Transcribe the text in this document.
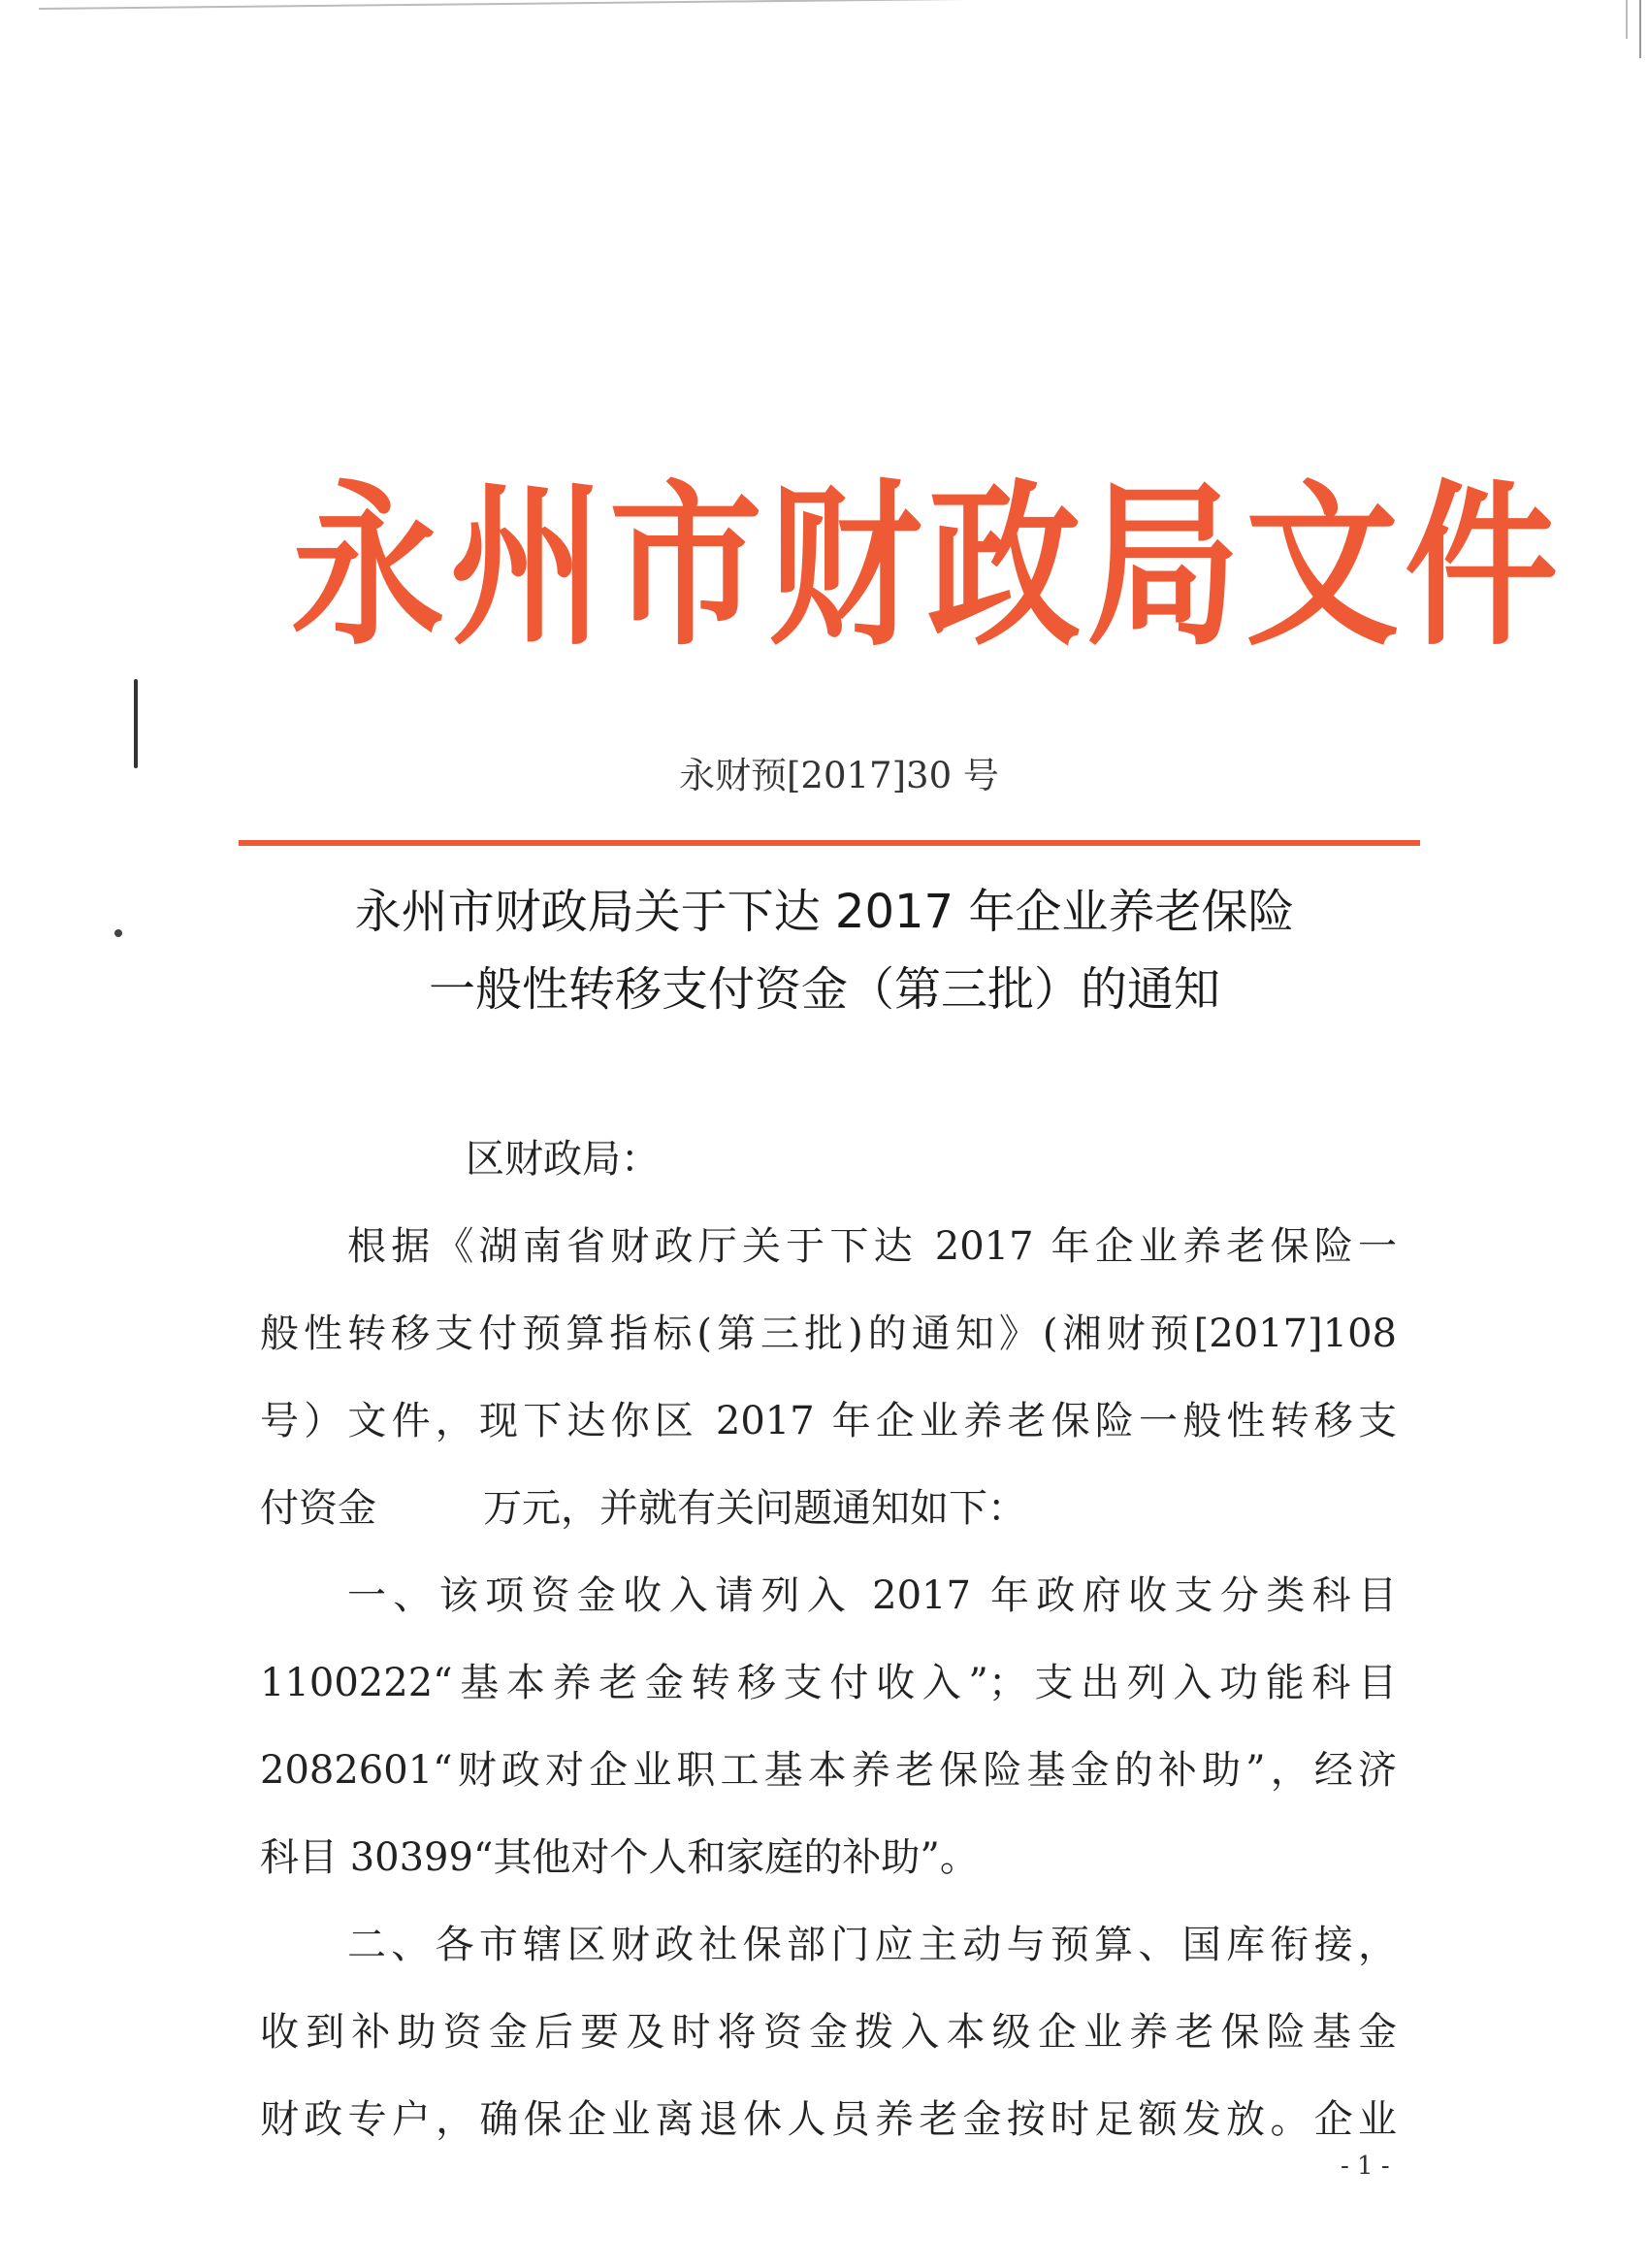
永州市财政局文件
永财预[2017]30 号
永州市财政局关于下达 2017 年企业养老保险
一般性转移支付资金（第三批）的通知
区财政局：
根据《湖南省财政厅关于下达 2017 年企业养老保险一
般性转移支付预算指标(第三批)的通知》(湘财预[2017]108
号）文件，现下达你区 2017 年企业养老保险一般性转移支
付资金	万元，并就有关问题通知如下：
一、该项资金收入请列入 2017 年政府收支分类科目
1100222“基本养老金转移支付收入”；支出列入功能科目
2082601“财政对企业职工基本养老保险基金的补助”，经济
科目 30399“其他对个人和家庭的补助”。
二、各市辖区财政社保部门应主动与预算、国库衔接，
收到补助资金后要及时将资金拨入本级企业养老保险基金
财政专户，确保企业离退休人员养老金按时足额发放。企业
- 1 -
